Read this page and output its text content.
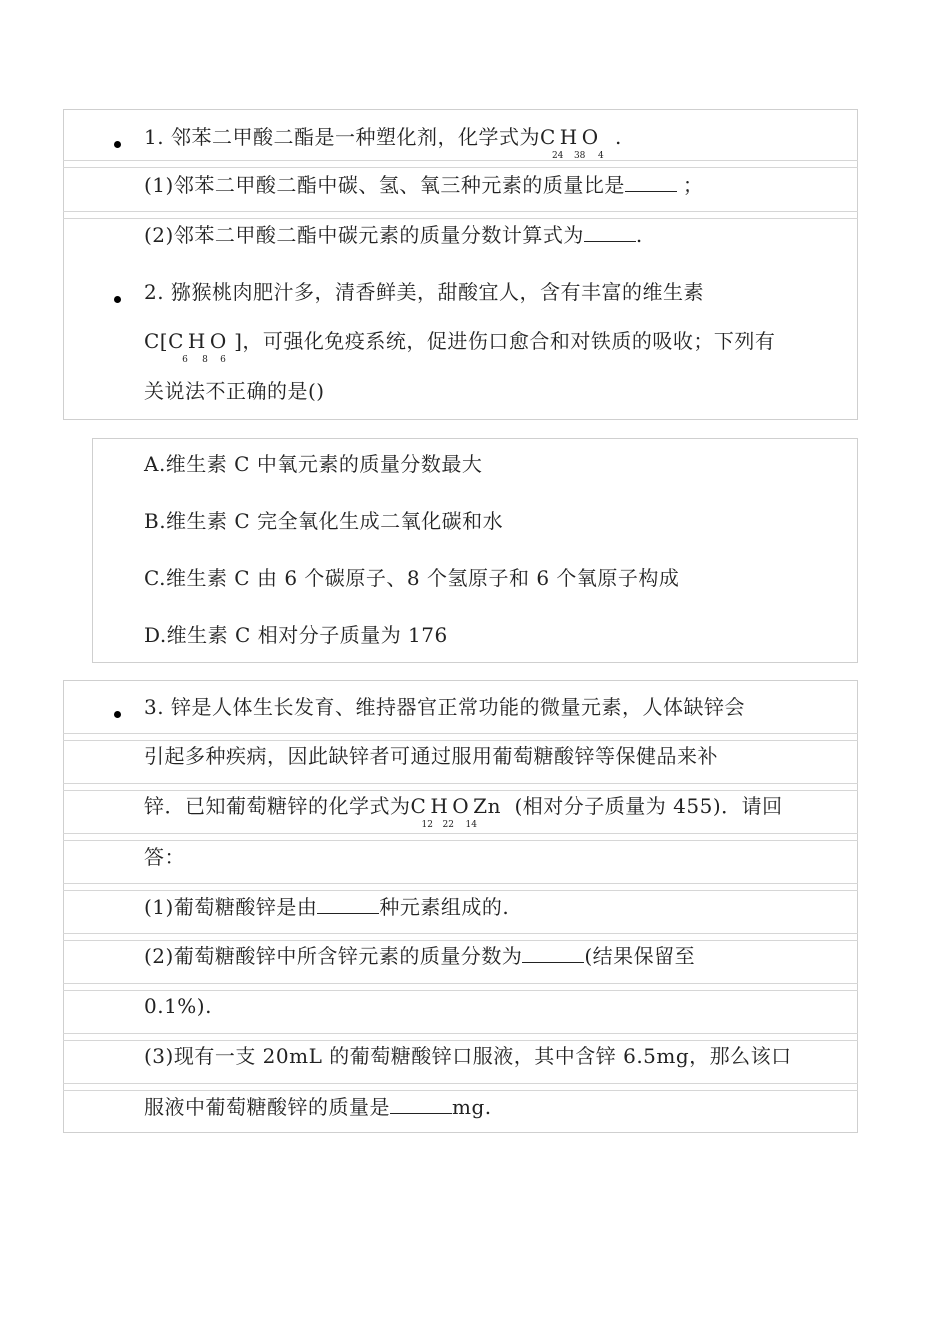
1. 邻苯二甲酸二酯是一种塑化剂，化学式为C H O
24 38 4
.
(1)邻苯二甲酸二酯中碳、氢、氧三种元素的质量比是	；
(2)邻苯二甲酸二酯中碳元素的质量分数计算式为	.
2. 猕猴桃肉肥汁多，清香鲜美，甜酸宜人，含有丰富的维生素
C[C H O
6 8 6
]，可强化免疫系统，促进伤口愈合和对铁质的吸收；下列有
关说法不正确的是()
A.维生素 C 中氧元素的质量分数最大
B.维生素 C 完全氧化生成二氧化碳和水
C.维生素 C 由 6 个碳原子、8 个氢原子和 6 个氧原子构成
D.维生素 C 相对分子质量为 176
3. 锌是人体生长发育、维持器官正常功能的微量元素，人体缺锌会
引起多种疾病，因此缺锌者可通过服用葡萄糖酸锌等保健品来补
锌．已知葡萄糖锌的化学式为C H O Zn
12 22 14
(相对分子质量为 455)．请回
答：
(1)葡萄糖酸锌是由	种元素组成的.
(2)葡萄糖酸锌中所含锌元素的质量分数为	(结果保留至
0.1%).
(3)现有一支 20mL 的葡萄糖酸锌口服液，其中含锌 6.5mg，那么该口
服液中葡萄糖酸锌的质量是	mg.
